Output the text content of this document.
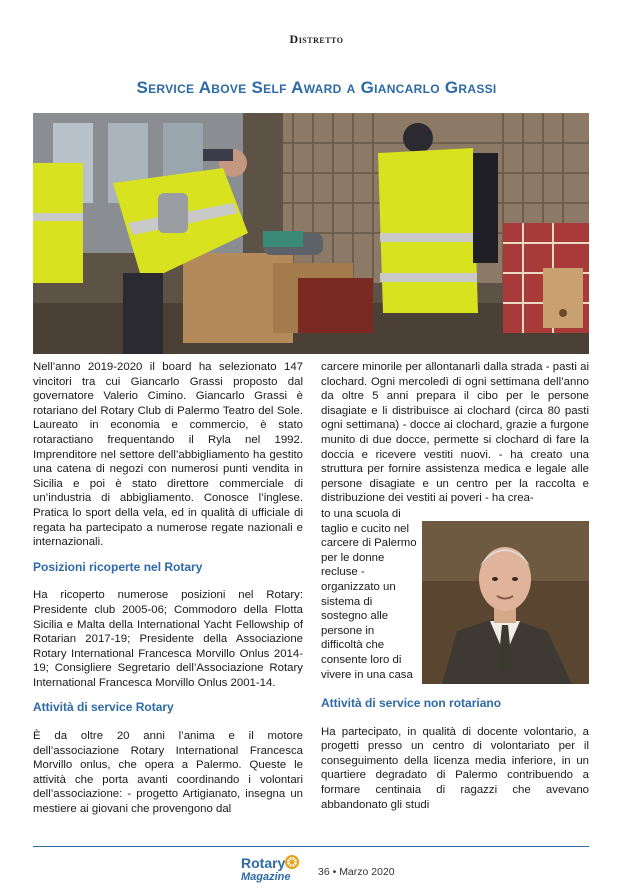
Distretto
Service Above Self Award a Giancarlo Grassi

Nell’anno 2019-2020 il board ha selezionato 147 vincitori tra cui Giancarlo Grassi proposto dal governatore Valerio Cimino. Giancarlo Grassi è rotariano del Rotary Club di Palermo Teatro del Sole. Laureato in economia e commercio, è stato rotaractiano frequentando il Ryla nel 1992. Imprenditore nel settore dell’abbigliamento ha gestito una catena di negozi con numerosi punti vendita in Sicilia e poi è stato direttore commerciale di un’industria di abbigliamento. Conosce l’inglese. Pratica lo sport della vela, ed in qualità di ufficiale di regata ha partecipato a numerose regate nazionali e internazionali.

Posizioni ricoperte nel Rotary

Ha ricoperto numerose posizioni nel Rotary: Presidente club 2005-06; Commodoro della Flotta Sicilia e Malta della International Yacht Fellowship of Rotarian 2017-19; Presidente della Associazione Rotary International Francesca Morvillo Onlus 2014-19; Consigliere Segretario dell’Associazione Rotary International Francesca Morvillo Onlus 2001-14.

Attività di service Rotary

È da oltre 20 anni l’anima e il motore dell’associazione Rotary International Francesca Morvillo onlus, che opera a Palermo. Queste le attività che porta avanti coordinando i volontari dell’associazione: - progetto Artigianato, insegna un mestiere ai giovani che provengono dal

carcere minorile per allontanarli dalla strada - pasti ai clochard. Ogni mercoledì di ogni settimana dell’anno da oltre 5 anni prepara il cibo per le persone disagiate e li distribuisce ai clochard (circa 80 pasti ogni settimana) - docce ai clochard, grazie a furgone munito di due docce, permette si clochard di fare la doccia e ricevere vestiti nuovi. - ha creato una struttura per fornire assistenza medica e legale alle persone disagiate e un centro per la raccolta e distribuzione dei vestiti ai poveri - ha crea-

to una scuola di taglio e cucito nel carcere di Palermo per le donne recluse - organizzato un sistema di sostegno alle persone in difficoltà che consente loro di vivere in una casa
Attività di service non rotariano

Ha partecipato, in qualità di docente volontario, a progetti presso un centro di volontariato per il conseguimento della licenza media inferiore, in un quartiere degradato di Palermo contribuendo a formare centinaia di ragazzi che avevano abbandonato gli studi

Rotary
Magazine	36 • Marzo 2020
